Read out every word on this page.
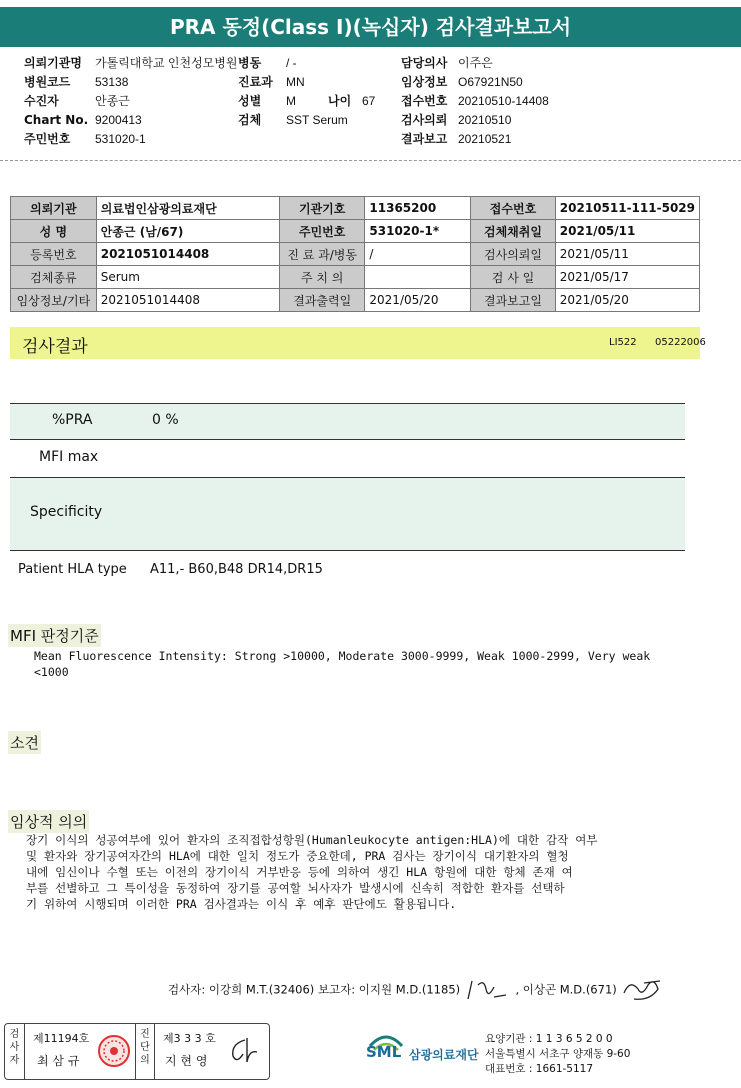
PRA 동정(Class I)(녹십자) 검사결과보고서
의뢰기관명 가톨릭대학교 인천성모병원
병원코드 53138
수진자	안종근
Chart No. 9200413
주민번호 531020-1
병동 / -
진료과 MN
성별 M	나이 67
검체 SST Serum
담당의사 이주은
임상정보 O67921N50
접수번호 20210510-14408
검사의뢰 20210510
결과보고 20210521
의뢰기관	의료법인삼광의료재단	기관기호	11365200	접수번호	20210511-111-5029
성 명	안종근 (남/67)	주민번호	531020-1*	검체채취일	2021/05/11
등록번호	2021051014408	진 료 과/병동	/	검사의뢰일	2021/05/11
검체종류	Serum	주 치 의		검 사 일	2021/05/17
임상정보/기타	2021051014408	결과출력일	2021/05/20	결과보고일	2021/05/20
검사결과	LI522 05222006
%PRA	0 %
MFI max
Specificity
Patient HLA type A11,- B60,B48 DR14,DR15
MFI 판정기준
Mean Fluorescence Intensity: Strong >10000, Moderate 3000-9999, Weak 1000-2999, Very weak
<1000
소견
임상적 의의
장기 이식의 성공여부에 있어 환자의 조직접합성항원(Humanleukocyte antigen:HLA)에 대한 감작 여부
및 환자와 장기공여자간의 HLA에 대한 일치 정도가 중요한데, PRA 검사는 장기이식 대기환자의 혈청
내에 임신이나 수혈 또는 이전의 장기이식 거부반응 등에 의하여 생긴 HLA 항원에 대한 항체 존재 여
부를 선별하고 그 특이성을 동정하여 장기를 공여할 뇌사자가 발생시에 신속히 적합한 환자를 선택하
기 위하여 시행되며 이러한 PRA 검사결과는 이식 후 예후 판단에도 활용됩니다.
검사자: 이강희 M.T.(32406) 보고자: 이지원 M.D.(1185)	, 이상곤 M.D.(671)
검사자
제11194호
최 삼 규
진단의
제3 3 3 호
지 현 영	SML 삼광의료재단
요양기관 : 1 1 3 6 5 2 0 0
서울특별시 서초구 양재동 9-60
대표번호 : 1661-5117
